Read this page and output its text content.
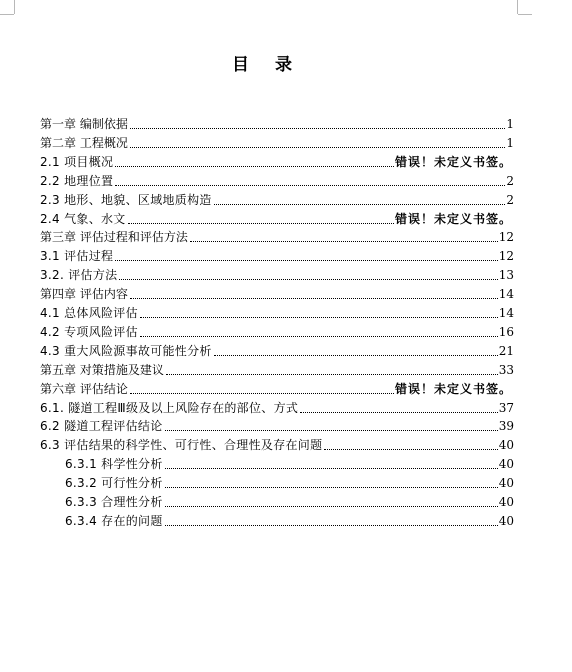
目 录
第一章 编制依据	1
第二章 工程概况	1
2.1 项目概况	错误！未定义书签。
2.2 地理位置	2
2.3 地形、地貌、区域地质构造	2
2.4 气象、水文	错误！未定义书签。
第三章 评估过程和评估方法	12
3.1 评估过程	12
3.2. 评估方法	13
第四章 评估内容	14
4.1 总体风险评估	14
4.2 专项风险评估	16
4.3 重大风险源事故可能性分析	21
第五章 对策措施及建议	33
第六章 评估结论	错误！未定义书签。
6.1. 隧道工程Ⅲ级及以上风险存在的部位、方式	37
6.2 隧道工程评估结论	39
6.3 评估结果的科学性、可行性、合理性及存在问题	40
6.3.1 科学性分析	40
6.3.2 可行性分析	40
6.3.3 合理性分析	40
6.3.4 存在的问题	40
